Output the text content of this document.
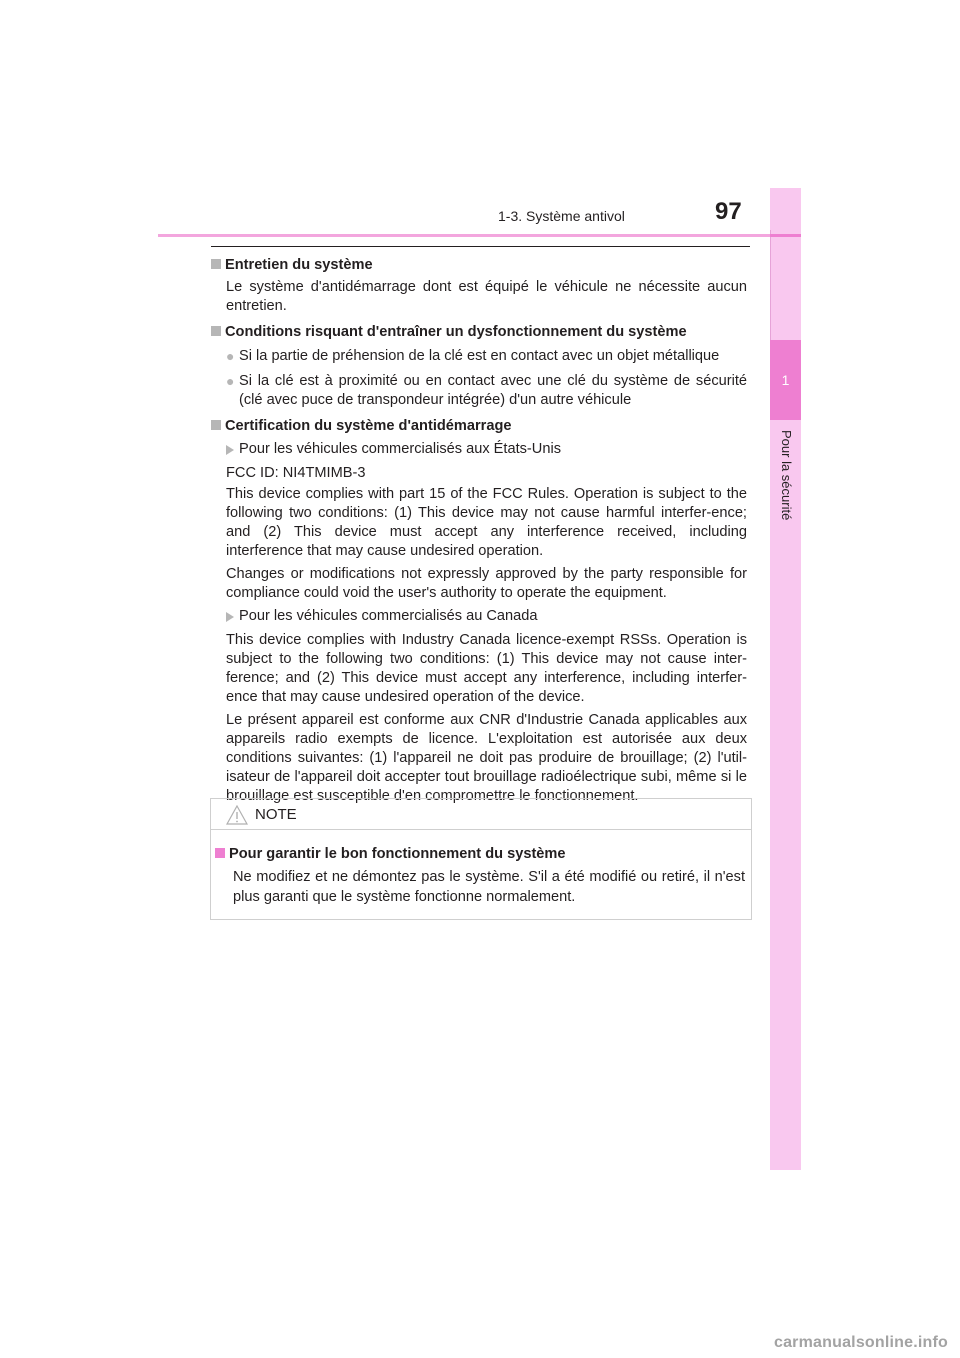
1
Pour la sécurité
1-3. Système antivol	97
Entretien du système
Le système d'antidémarrage dont est équipé le véhicule ne nécessite aucun entretien.
Conditions risquant d'entraîner un dysfonctionnement du système
● Si la partie de préhension de la clé est en contact avec un objet métallique
● Si la clé est à proximité ou en contact avec une clé du système de sécurité (clé avec puce de transpondeur intégrée) d'un autre véhicule
Certification du système d'antidémarrage
Pour les véhicules commercialisés aux États-Unis
FCC ID: NI4TMIMB-3
This device complies with part 15 of the FCC Rules. Operation is subject to the following two conditions: (1) This device may not cause harmful interfer-ence; and (2) This device must accept any interference received, including interference that may cause undesired operation.
Changes or modifications not expressly approved by the party responsible for compliance could void the user's authority to operate the equipment.
Pour les véhicules commercialisés au Canada
This device complies with Industry Canada licence-exempt RSSs. Operation is subject to the following two conditions: (1) This device may not cause inter-ference; and (2) This device must accept any interference, including interfer-ence that may cause undesired operation of the device.
Le présent appareil est conforme aux CNR d'Industrie Canada applicables aux appareils radio exempts de licence. L'exploitation est autorisée aux deux conditions suivantes: (1) l'appareil ne doit pas produire de brouillage; (2) l'util-isateur de l'appareil doit accepter tout brouillage radioélectrique subi, même si le brouillage est susceptible d'en compromettre le fonctionnement.
NOTE
Pour garantir le bon fonctionnement du système
Ne modifiez et ne démontez pas le système. S'il a été modifié ou retiré, il n'est plus garanti que le système fonctionne normalement.
carmanualsonline.info
